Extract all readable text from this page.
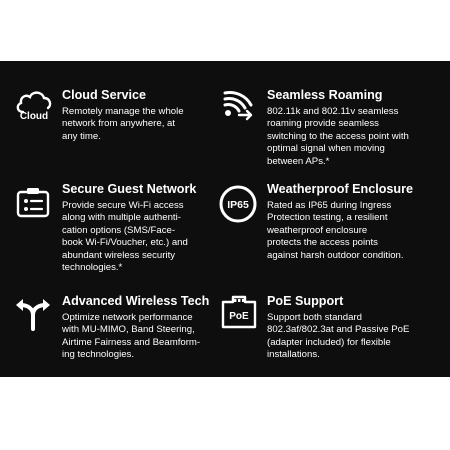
Cloud
Cloud Service
Remotely manage the whole
network from anywhere, at
any time.
Seamless Roaming
802.11k and 802.11v seamless
roaming provide seamless
switching to the access point with
optimal signal when moving
between APs.*
Secure Guest Network
Provide secure Wi-Fi access
along with multiple authenti-
cation options (SMS/Face-
book Wi-Fi/Voucher, etc.) and
abundant wireless security
technologies.*
IP65
Weatherproof Enclosure
Rated as IP65 during Ingress
Protection testing, a resilient
weatherproof enclosure
protects the access points
against harsh outdoor condition.
Advanced Wireless Tech
Optimize network performance
with MU-MIMO, Band Steering,
Airtime Fairness and Beamform-
ing technologies.
PoE
PoE Support
Support both standard
802.3af/802.3at and Passive PoE
(adapter included) for flexible
installations.
